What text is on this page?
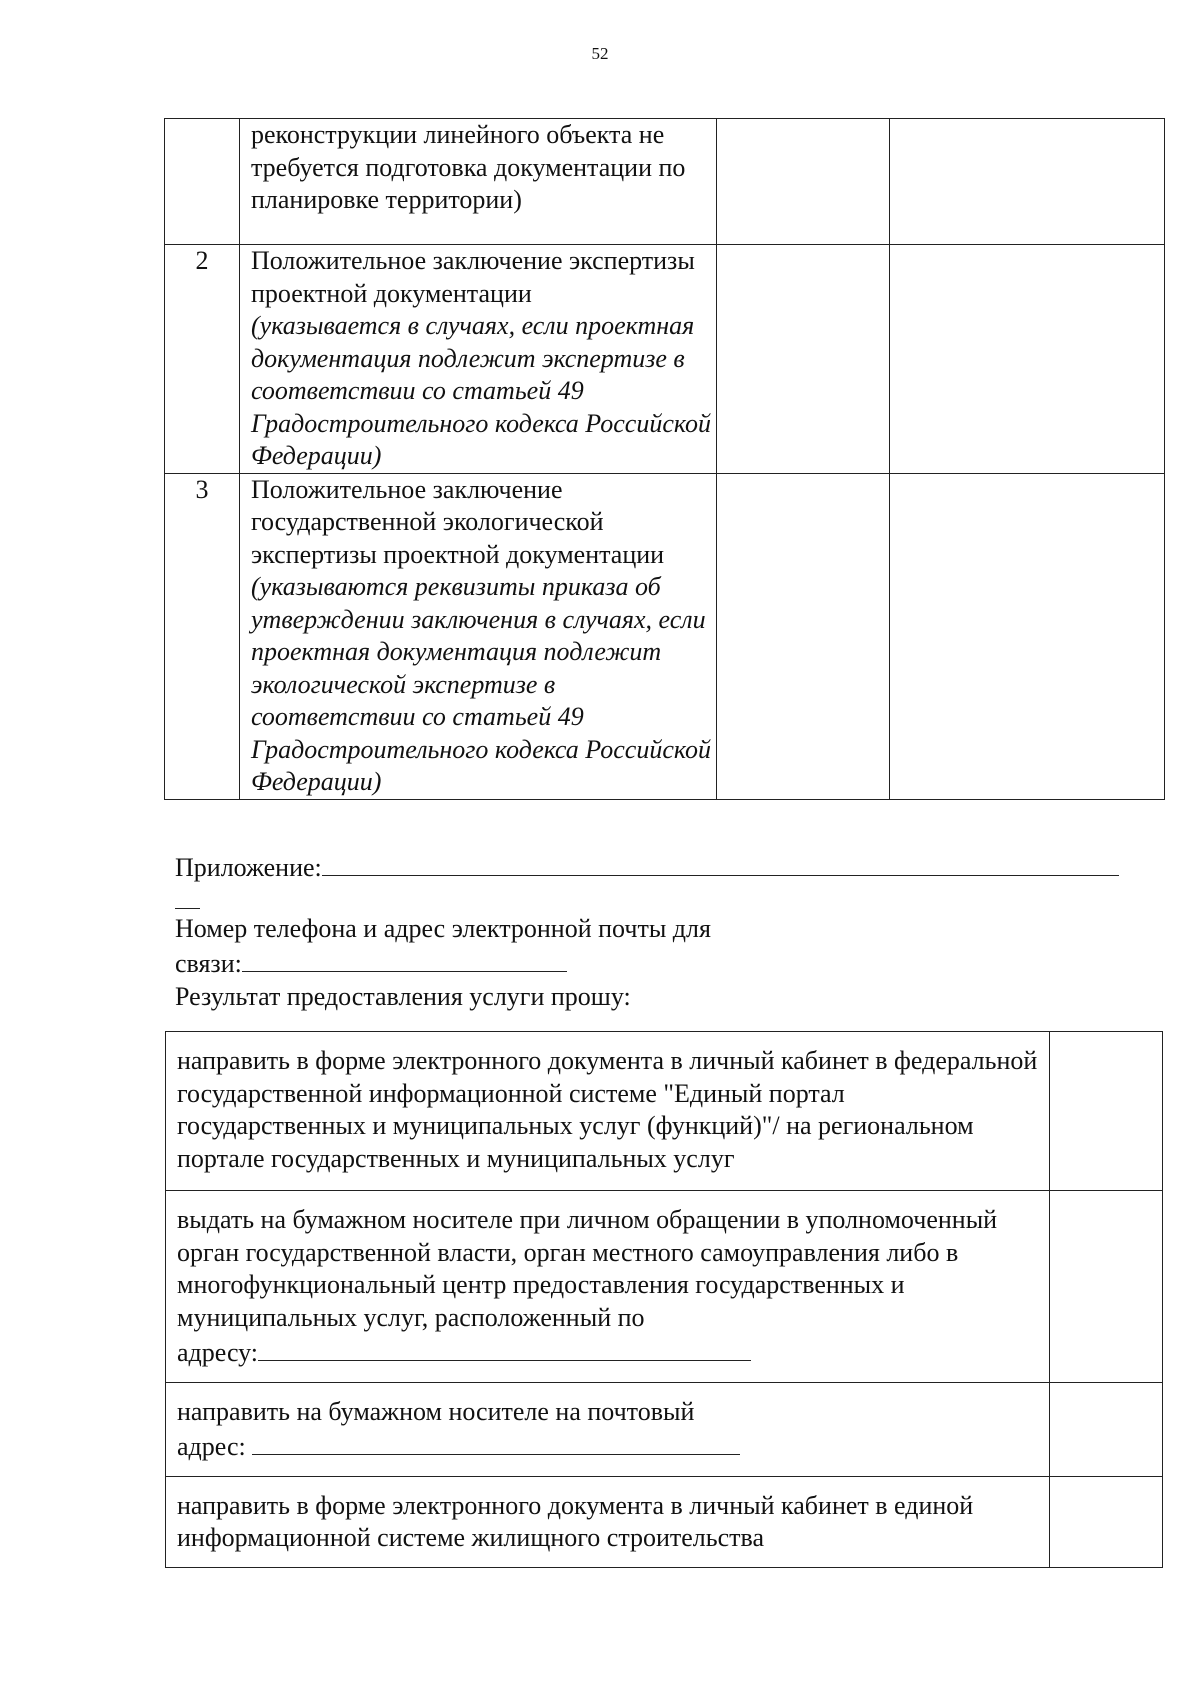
52

	реконструкции линейного объекта не требуется подготовка документации по планировке территории)		

2	Положительное заключение экспертизы проектной документации
(указывается в случаях, если проектная документация подлежит экспертизе в соответствии со статьей 49 Градостроительного кодекса Российской Федерации)		

3	Положительное заключение государственной экологической экспертизы проектной документации
(указываются реквизиты приказа об утверждении заключения в случаях, если проектная документация подлежит экологической экспертизе в соответствии со статьей 49 Градостроительного кодекса Российской Федерации)		

Приложение:
Номер телефона и адрес электронной почты для
связи:
Результат предоставления услуги прошу:
направить в форме электронного документа в личный кабинет в федеральной государственной информационной системе "Единый портал государственных и муниципальных услуг (функций)"/ на региональном портале государственных и муниципальных услуг	
выдать на бумажном носителе при личном обращении в уполномоченный орган государственной власти, орган местного самоуправления либо в многофункциональный центр предоставления государственных и муниципальных услуг, расположенный по
адресу:	
направить на бумажном носителе на почтовый
адрес:	
направить в форме электронного документа в личный кабинет в единой информационной системе жилищного строительства	
